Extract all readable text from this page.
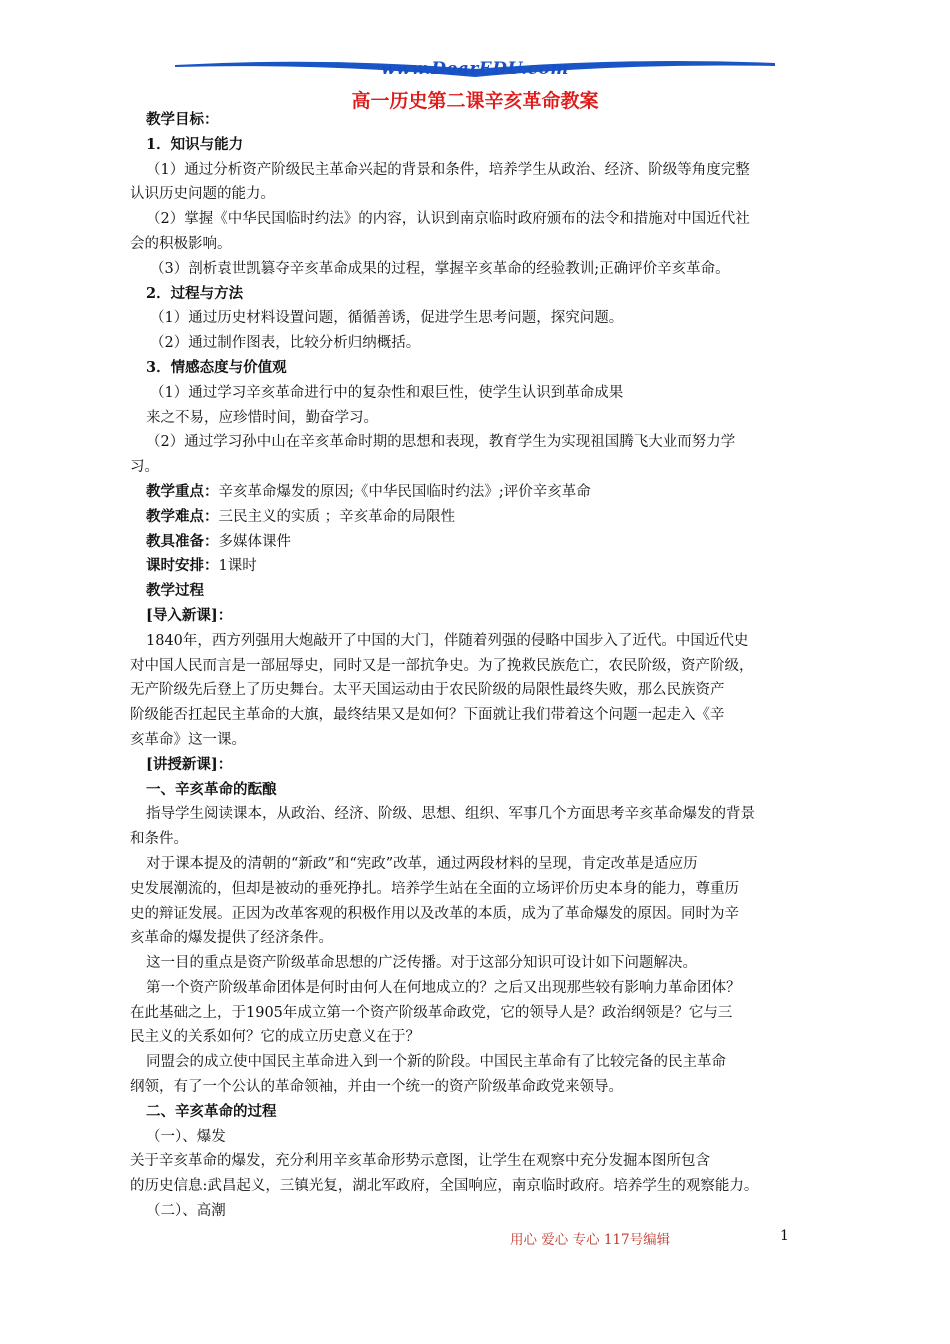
www.DearEDU.com
高一历史第二课辛亥革命教案

教学目标：

1．知识与能力

（1）通过分析资产阶级民主革命兴起的背景和条件，培养学生从政治、经济、阶级等角度完整

认识历史问题的能力。

（2）掌握《中华民国临时约法》的内容，认识到南京临时政府颁布的法令和措施对中国近代社

会的积极影响。

（3）剖析袁世凯篡夺辛亥革命成果的过程，掌握辛亥革命的经验教训;正确评价辛亥革命。

2．过程与方法

（1）通过历史材料设置问题，循循善诱，促进学生思考问题，探究问题。

（2）通过制作图表，比较分析归纳概括。

3．情感态度与价值观

（1）通过学习辛亥革命进行中的复杂性和艰巨性，使学生认识到革命成果

来之不易，应珍惜时间，勤奋学习。

（2）通过学习孙中山在辛亥革命时期的思想和表现，教育学生为实现祖国腾飞大业而努力学

习。

教学重点：辛亥革命爆发的原因;《中华民国临时约法》;评价辛亥革命

教学难点：三民主义的实质 ；辛亥革命的局限性

教具准备：多媒体课件

课时安排：1课时

教学过程

[导入新课]：

1840年，西方列强用大炮敲开了中国的大门，伴随着列强的侵略中国步入了近代。中国近代史

对中国人民而言是一部屈辱史，同时又是一部抗争史。为了挽救民族危亡，农民阶级，资产阶级，

无产阶级先后登上了历史舞台。太平天国运动由于农民阶级的局限性最终失败，那么民族资产

阶级能否扛起民主革命的大旗，最终结果又是如何？下面就让我们带着这个问题一起走入《辛

亥革命》这一课。

[讲授新课]：

一、辛亥革命的酝酿

指导学生阅读课本，从政治、经济、阶级、思想、组织、军事几个方面思考辛亥革命爆发的背景

和条件。

对于课本提及的清朝的“新政”和“宪政”改革，通过两段材料的呈现，肯定改革是适应历

史发展潮流的，但却是被动的垂死挣扎。培养学生站在全面的立场评价历史本身的能力，尊重历

史的辩证发展。正因为改革客观的积极作用以及改革的本质，成为了革命爆发的原因。同时为辛

亥革命的爆发提供了经济条件。

这一目的重点是资产阶级革命思想的广泛传播。对于这部分知识可设计如下问题解决。

第一个资产阶级革命团体是何时由何人在何地成立的？之后又出现那些较有影响力革命团体？

在此基础之上，于1905年成立第一个资产阶级革命政党，它的领导人是？政治纲领是？它与三

民主义的关系如何？它的成立历史意义在于？

同盟会的成立使中国民主革命进入到一个新的阶段。中国民主革命有了比较完备的民主革命

纲领，有了一个公认的革命领袖，并由一个统一的资产阶级革命政党来领导。

二、辛亥革命的过程

（一）、爆发

关于辛亥革命的爆发，充分利用辛亥革命形势示意图，让学生在观察中充分发掘本图所包含

的历史信息:武昌起义，三镇光复，湖北军政府，全国响应，南京临时政府。培养学生的观察能力。

（二）、高潮

用心 爱心 专心 117号编辑	1
